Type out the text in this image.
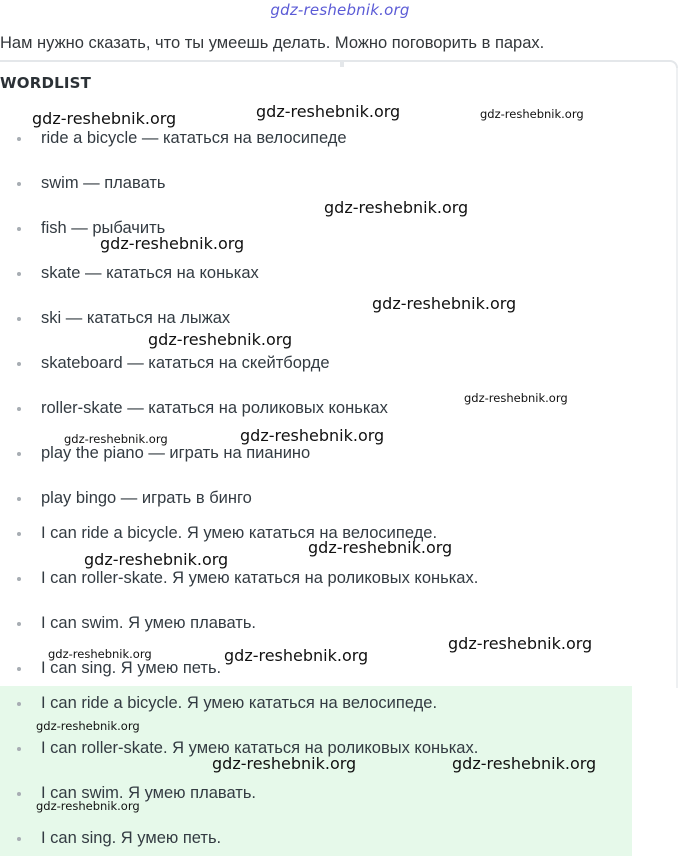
gdz-reshebnik.org
Нам нужно сказать, что ты умеешь делать. Можно поговорить в парах.
WORDLIST
ride a bicycle — кататься на велосипеде
swim — плавать
fish — рыбачить
skate — кататься на коньках
ski — кататься на лыжах
skateboard — кататься на скейтборде
roller-skate — кататься на роликовых коньках
play the piano — играть на пианино
play bingo — играть в бинго
I can ride a bicycle. Я умею кататься на велосипеде.
I can roller-skate. Я умею кататься на роликовых коньках.
I can swim. Я умею плавать.
I can sing. Я умею петь.
I can ride a bicycle. Я умею кататься на велосипеде.
I can roller-skate. Я умею кататься на роликовых коньках.
I can swim. Я умею плавать.
I can sing. Я умею петь.
gdz-reshebnik.org	gdz-reshebnik.org	gdz-reshebnik.org
gdz-reshebnik.org
gdz-reshebnik.org
gdz-reshebnik.org
gdz-reshebnik.org
gdz-reshebnik.org
gdz-reshebnik.org	gdz-reshebnik.org
gdz-reshebnik.org
gdz-reshebnik.org
gdz-reshebnik.org
gdz-reshebnik.org	gdz-reshebnik.org
gdz-reshebnik.org
gdz-reshebnik.org	gdz-reshebnik.org
gdz-reshebnik.org
